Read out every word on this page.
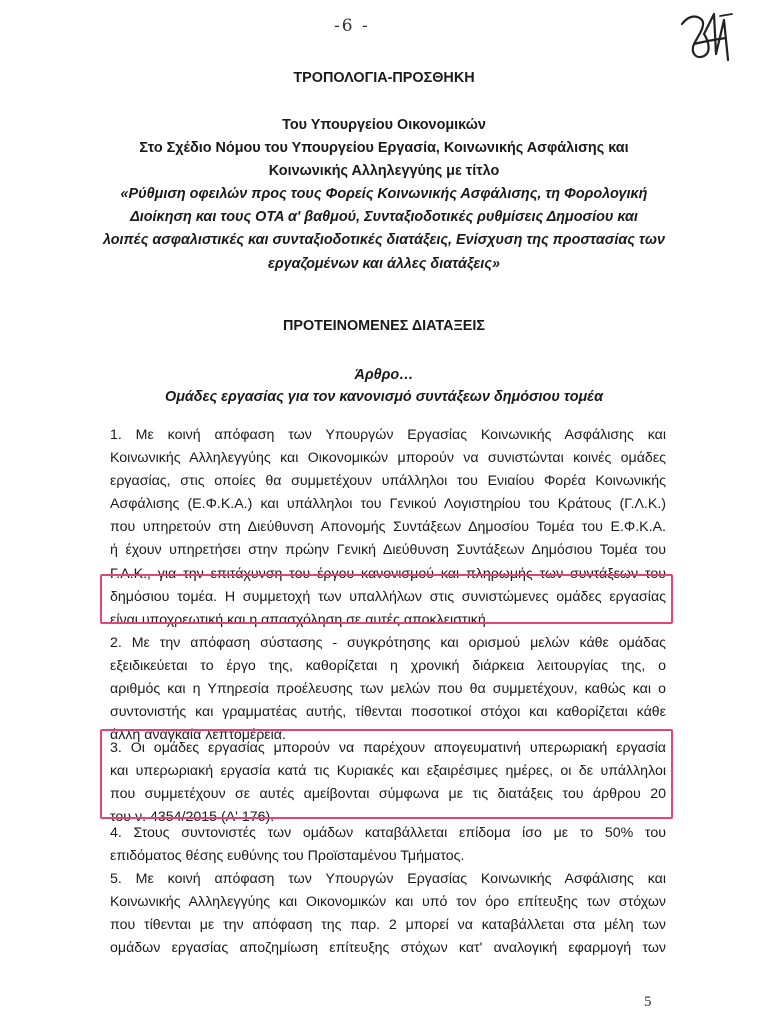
-6 -
ΤΡΟΠΟΛΟΓΙΑ-ΠΡΟΣΘΗΚΗ
Του Υπουργείου Οικονομικών
Στο Σχέδιο Νόμου του Υπουργείου Εργασία, Κοινωνικής Ασφάλισης και
Κοινωνικής Αλληλεγγύης με τίτλο
«Ρύθμιση οφειλών προς τους Φορείς Κοινωνικής Ασφάλισης, τη Φορολογική
Διοίκηση και τους ΟΤΑ α' βαθμού, Συνταξιοδοτικές ρυθμίσεις Δημοσίου και
λοιπές ασφαλιστικές και συνταξιοδοτικές διατάξεις, Ενίσχυση της προστασίας των
εργαζομένων και άλλες διατάξεις»
ΠΡΟΤΕΙΝΟΜΕΝΕΣ ΔΙΑΤΑΞΕΙΣ
Άρθρο…
Ομάδες εργασίας για τον κανονισμό συντάξεων δημόσιου τομέα
1. Με κοινή απόφαση των Υπουργών Εργασίας Κοινωνικής Ασφάλισης και
Κοινωνικής Αλληλεγγύης και Οικονομικών μπορούν να συνιστώνται κοινές ομάδες
εργασίας, στις οποίες θα συμμετέχουν υπάλληλοι του Ενιαίου Φορέα Κοινωνικής
Ασφάλισης (Ε.Φ.Κ.Α.) και υπάλληλοι του Γενικού Λογιστηρίου του Κράτους (Γ.Λ.Κ.)
που υπηρετούν στη Διεύθυνση Απονομής Συντάξεων Δημοσίου Τομέα του Ε.Φ.Κ.Α.
ή έχουν υπηρετήσει στην πρώην Γενική Διεύθυνση Συντάξεων Δημόσιου Τομέα του
Γ.Λ.Κ., για την επιτάχυνση του έργου κανονισμού και πληρωμής των συντάξεων του
δημόσιου τομέα. Η συμμετοχή των υπαλλήλων στις συνιστώμενες ομάδες εργασίας
είναι υποχρεωτική και η απασχόληση σε αυτές αποκλειστική.
2. Με την απόφαση σύστασης - συγκρότησης και ορισμού μελών κάθε ομάδας
εξειδικεύεται το έργο της, καθορίζεται η χρονική διάρκεια λειτουργίας της, ο
αριθμός και η Υπηρεσία προέλευσης των μελών που θα συμμετέχουν, καθώς και ο
συντονιστής και γραμματέας αυτής, τίθενται ποσοτικοί στόχοι και καθορίζεται κάθε
άλλη αναγκαία λεπτομέρεια.
3. Οι ομάδες εργασίας μπορούν να παρέχουν απογευματινή υπερωριακή εργασία
και υπερωριακή εργασία κατά τις Κυριακές και εξαιρέσιμες ημέρες, οι δε υπάλληλοι
που συμμετέχουν σε αυτές αμείβονται σύμφωνα με τις διατάξεις του άρθρου 20
του ν. 4354/2015 (Α' 176).
4. Στους συντονιστές των ομάδων καταβάλλεται επίδομα ίσο με το 50% του
επιδόματος θέσης ευθύνης του Προϊσταμένου Τμήματος.
5. Με κοινή απόφαση των Υπουργών Εργασίας Κοινωνικής Ασφάλισης και
Κοινωνικής Αλληλεγγύης και Οικονομικών και υπό τον όρο επίτευξης των στόχων
που τίθενται με την απόφαση της παρ. 2 μπορεί να καταβάλλεται στα μέλη των
ομάδων εργασίας αποζημίωση επίτευξης στόχων κατ' αναλογική εφαρμογή των
5
